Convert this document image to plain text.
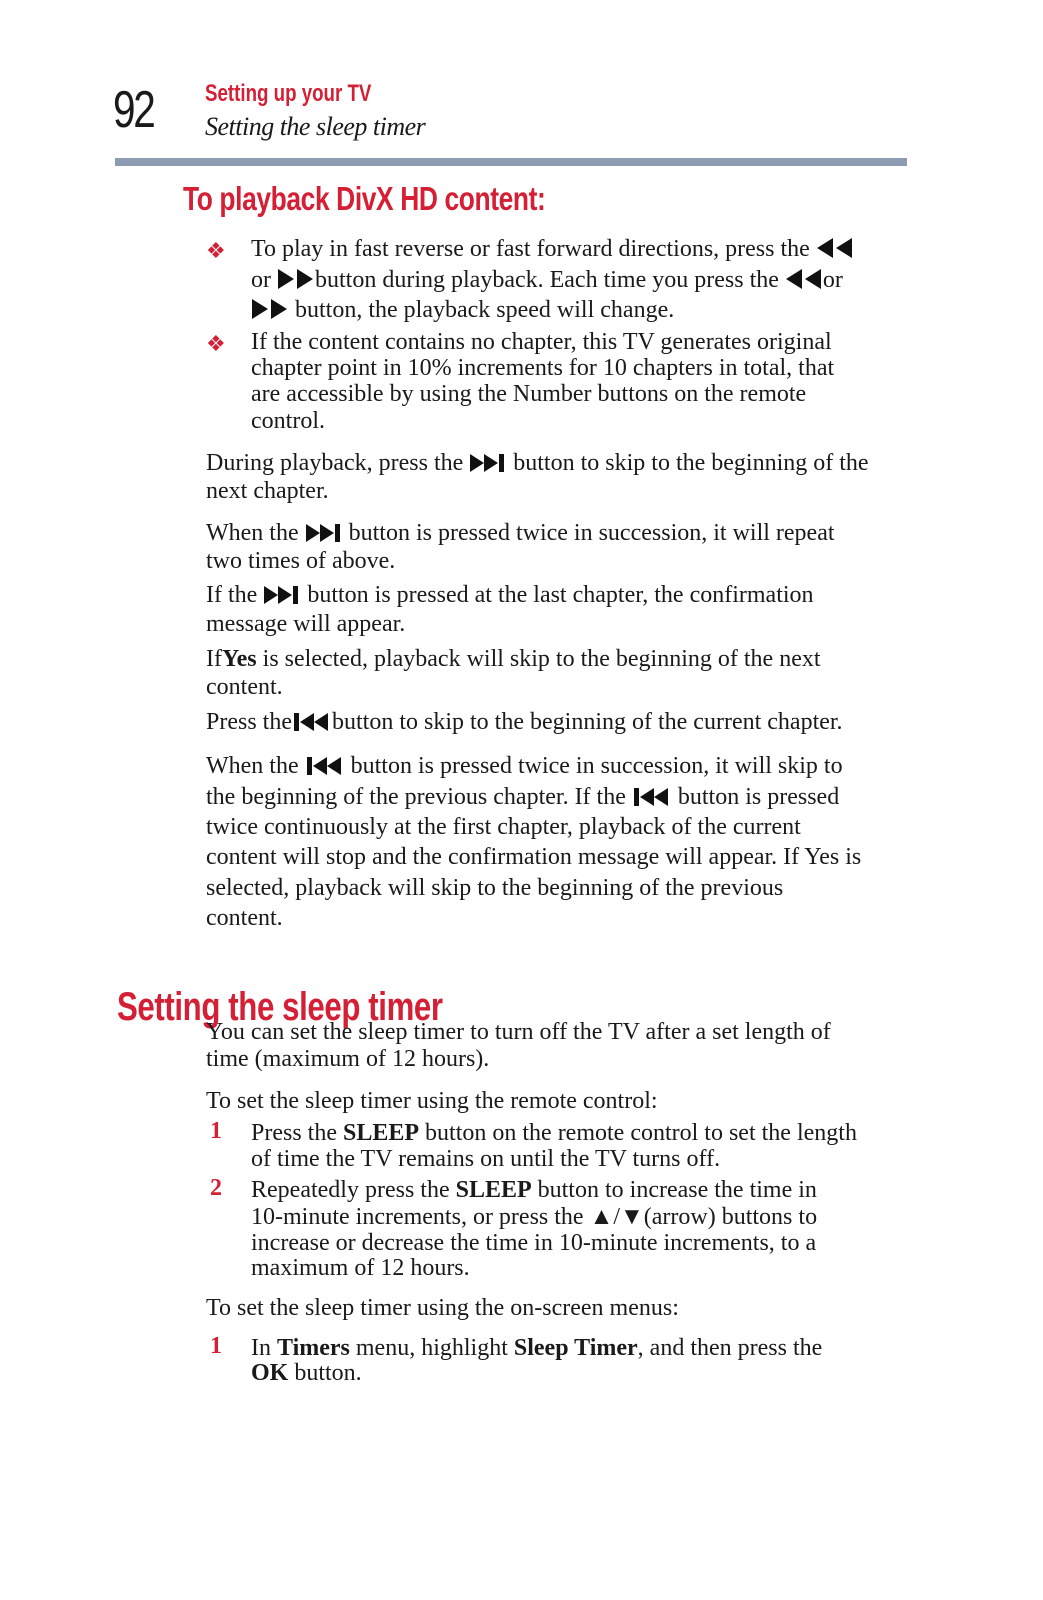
92 Setting up your TV
Setting the sleep timer
To playback DivX HD content:
❖ To play in fast reverse or fast forward directions, press the

or button during playback. Each time you press the or

button, the playback speed will change.

❖ If the content contains no chapter, this TV generates original

chapter point in 10% increments for 10 chapters in total, that

are accessible by using the Number buttons on the remote

control.

During playback, press the button to skip to the beginning of the

next chapter.

When the button is pressed twice in succession, it will repeat

two times of above.

If the button is pressed at the last chapter, the confirmation

message will appear.

IfYes is selected, playback will skip to the beginning of the next

content.

Press the button to skip to the beginning of the current chapter.

When the button is pressed twice in succession, it will skip to

the beginning of the previous chapter. If the button is pressed

twice continuously at the first chapter, playback of the current

content will stop and the confirmation message will appear. If Yes is

selected, playback will skip to the beginning of the previous

content.

Setting the sleep timer

You can set the sleep timer to turn off the TV after a set length of

time (maximum of 12 hours).

To set the sleep timer using the remote control:

1 Press the SLEEP button on the remote control to set the length

of time the TV remains on until the TV turns off.

2 Repeatedly press the SLEEP button to increase the time in

10-minute increments, or press the ▲/▼(arrow) buttons to

increase or decrease the time in 10-minute increments, to a

maximum of 12 hours.

To set the sleep timer using the on-screen menus:

1 In Timers menu, highlight Sleep Timer, and then press the

OK button.
